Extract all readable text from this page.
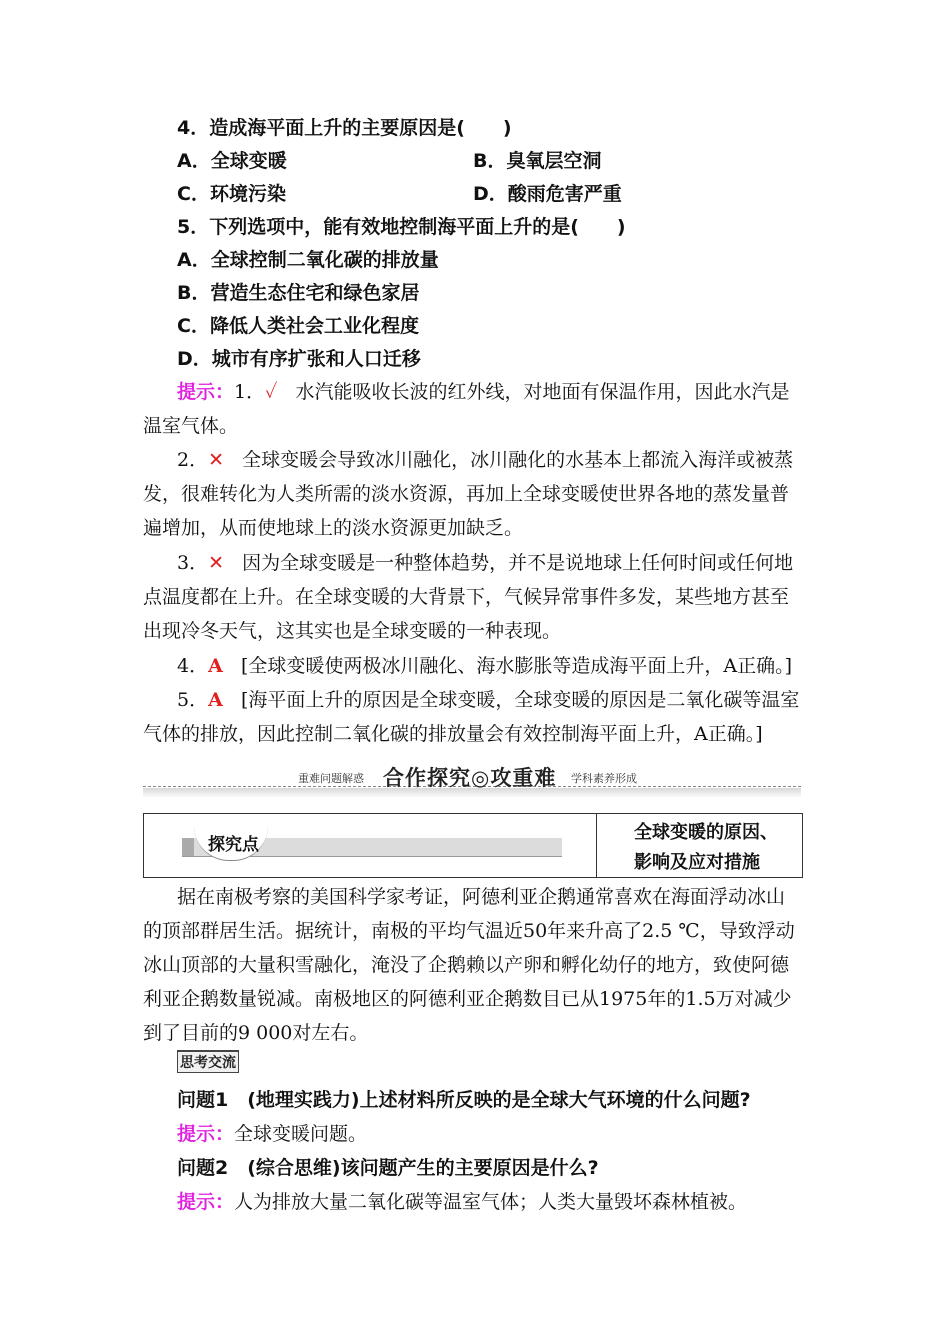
4．造成海平面上升的主要原因是(　　)
A．全球变暖	B．臭氧层空洞
C．环境污染	D．酸雨危害严重
5．下列选项中，能有效地控制海平面上升的是(　　)
A．全球控制二氧化碳的排放量
B．营造生态住宅和绿色家居
C．降低人类社会工业化程度
D．城市有序扩张和人口迁移
提示：1．✓ 水汽能吸收长波的红外线，对地面有保温作用，因此水汽是
温室气体。
2．✕ 全球变暖会导致冰川融化，冰川融化的水基本上都流入海洋或被蒸
发，很难转化为人类所需的淡水资源，再加上全球变暖使世界各地的蒸发量普
遍增加，从而使地球上的淡水资源更加缺乏。
3．✕ 因为全球变暖是一种整体趋势，并不是说地球上任何时间或任何地
点温度都在上升。在全球变暖的大背景下，气候异常事件多发，某些地方甚至
出现冷冬天气，这其实也是全球变暖的一种表现。
4．A [全球变暖使两极冰川融化、海水膨胀等造成海平面上升，A正确。]
5．A [海平面上升的原因是全球变暖，全球变暖的原因是二氧化碳等温室
气体的排放，因此控制二氧化碳的排放量会有效控制海平面上升，A正确。]
重难问题解惑 合作探究◎攻重难 学科素养形成
探究点
全球变暖的原因、
影响及应对措施
据在南极考察的美国科学家考证，阿德利亚企鹅通常喜欢在海面浮动冰山
的顶部群居生活。据统计，南极的平均气温近50年来升高了2.5 ℃，导致浮动
冰山顶部的大量积雪融化，淹没了企鹅赖以产卵和孵化幼仔的地方，致使阿德
利亚企鹅数量锐减。南极地区的阿德利亚企鹅数目已从1975年的1.5万对减少
到了目前的9 000对左右。
思考交流
问题1　(地理实践力)上述材料所反映的是全球大气环境的什么问题?
提示：全球变暖问题。
问题2　(综合思维)该问题产生的主要原因是什么?
提示：人为排放大量二氧化碳等温室气体；人类大量毁坏森林植被。
